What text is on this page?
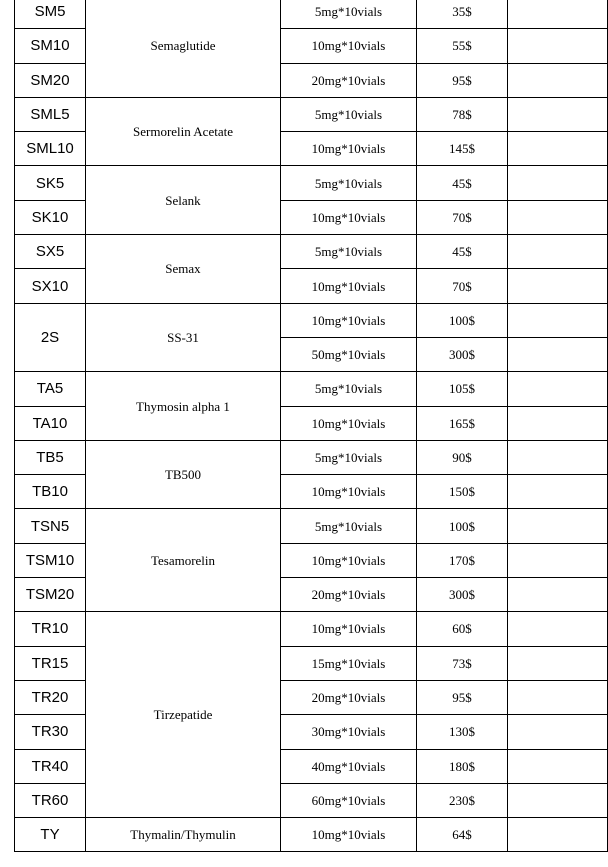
SM5	Semaglutide	5mg*10vials	35$	
SM10		10mg*10vials	55$	
SM20		20mg*10vials	95$	
SML5	Sermorelin Acetate	5mg*10vials	78$	
SML10		10mg*10vials	145$	
SK5	Selank	5mg*10vials	45$	
SK10		10mg*10vials	70$	
SX5	Semax	5mg*10vials	45$	
SX10		10mg*10vials	70$	
2S	SS-31	10mg*10vials	100$	
		50mg*10vials	300$	
TA5	Thymosin alpha 1	5mg*10vials	105$	
TA10		10mg*10vials	165$	
TB5	TB500	5mg*10vials	90$	
TB10		10mg*10vials	150$	
TSN5	Tesamorelin	5mg*10vials	100$	
TSM10		10mg*10vials	170$	
TSM20		20mg*10vials	300$	
TR10	Tirzepatide	10mg*10vials	60$	
TR15		15mg*10vials	73$	
TR20		20mg*10vials	95$	
TR30		30mg*10vials	130$	
TR40		40mg*10vials	180$	
TR60		60mg*10vials	230$	
TY	Thymalin/Thymulin	10mg*10vials	64$	
